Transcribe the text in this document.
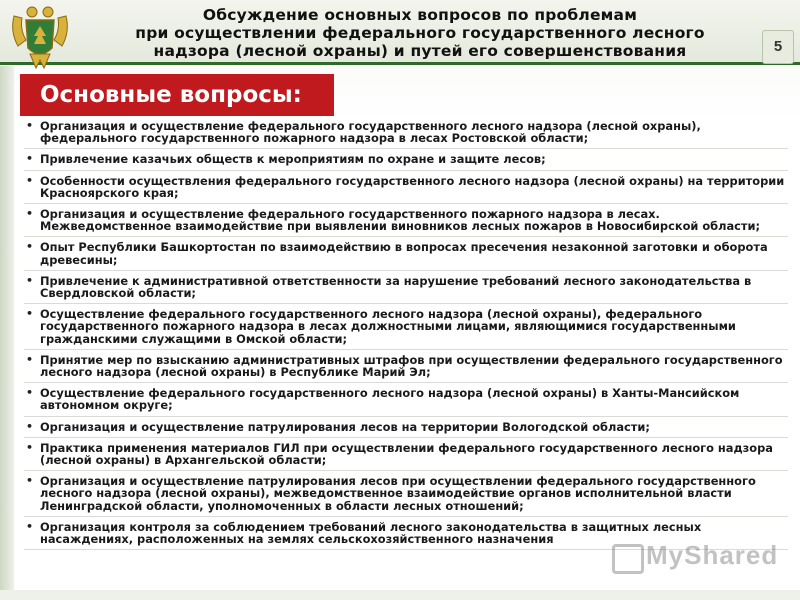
Обсуждение основных вопросов по проблемам
при осуществлении федерального государственного лесного
надзора (лесной охраны) и путей его совершенствования	5
Основные вопросы:
• Организация и осуществление федерального государственного лесного надзора (лесной охраны), федерального государственного пожарного надзора в лесах Ростовской области;
• Привлечение казачьих обществ к мероприятиям по охране и защите лесов;
• Особенности осуществления федерального государственного лесного надзора (лесной охраны) на территории Красноярского края;
• Организация и осуществление федерального государственного пожарного надзора в лесах. Межведомственное взаимодействие при выявлении виновников лесных пожаров в Новосибирской области;
• Опыт Республики Башкортостан по взаимодействию в вопросах пресечения незаконной заготовки и оборота древесины;
• Привлечение к административной ответственности за нарушение требований лесного законодательства в Свердловской области;
• Осуществление федерального государственного лесного надзора (лесной охраны), федерального государственного пожарного надзора в лесах должностными лицами, являющимися государственными гражданскими служащими в Омской области;
• Принятие мер по взысканию административных штрафов при осуществлении федерального государственного лесного надзора (лесной охраны) в Республике Марий Эл;
• Осуществление федерального государственного лесного надзора (лесной охраны) в Ханты-Мансийском автономном округе;
• Организация и осуществление патрулирования лесов на территории Вологодской области;
• Практика применения материалов ГИЛ при осуществлении федерального государственного лесного надзора (лесной охраны) в Архангельской области;
• Организация и осуществление патрулирования лесов при осуществлении федерального государственного лесного надзора (лесной охраны), межведомственное взаимодействие органов исполнительной власти Ленинградской области, уполномоченных в области лесных отношений;
• Организация контроля за соблюдением требований лесного законодательства в защитных лесных насаждениях, расположенных на землях сельскохозяйственного назначения
MyShared
